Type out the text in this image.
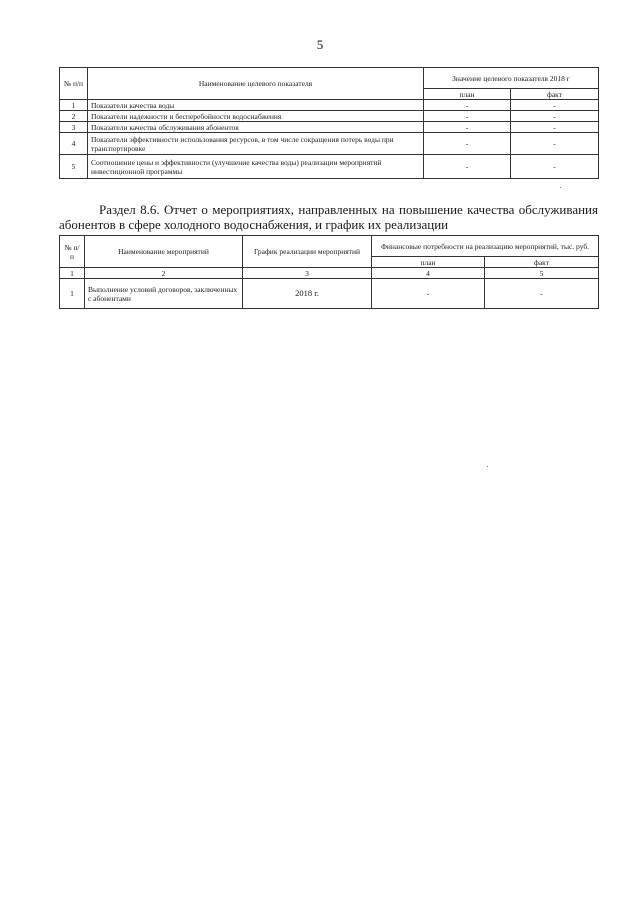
5
№ п/п	Наименование целевого показателя	Значение целевого показателя 2018 г	
		план	факт
1	Показатели качества воды	-	-
2	Показатели надежности и бесперебойности водоснабжения	-	-
3	Показатели качества обслуживания абонентов	-	-
4	Показатели эффективности использования ресурсов, в том числе сокращения потерь воды при транспортировке	-	-
5	Соотношение цены и эффективности (улучшение качества воды) реализации мероприятий инвестиционной программы	-	-
Раздел 8.6. Отчет о мероприятиях, направленных на повышение качества обслуживания абонентов в сфере холодного водоснабжения, и график их реализации
№ п/п	Наименование мероприятий	График реализации мероприятий	Финансовые потребности на реализацию мероприятий, тыс. руб.	
			план	факт
1	2	3	4	5
1	Выполнение условий договоров, заключенных с абонентами	2018 г.	-	-
